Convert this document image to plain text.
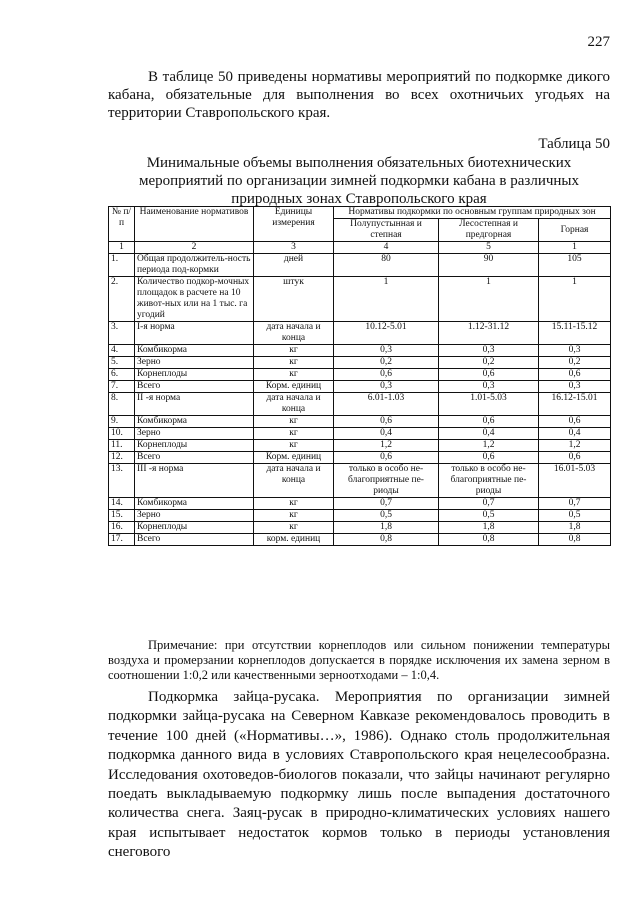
227
В таблице 50 приведены нормативы мероприятий по подкормке дикого кабана, обязательные для выполнения во всех охотничьих угодьях на территории Ставропольского края.
Таблица 50
Минимальные объемы выполнения обязательных биотехнических мероприятий по организации зимней подкормки кабана в различных природных зонах Ставропольского края
№ п/п	Наименование нормативов	Единицы измерения	Нормативы подкормки по основным группам природных зон		
			Полупустынная и степная	Лесостепная и предгорная	Горная
1	2	3	4	5	1
1.	Общая продолжитель-ность периода под-кормки	дней	80	90	105
2.	Количество подкор-мочных площадок в расчете на 10 живот-ных или на 1 тыс. га угодий	штук	1	1	1
3.	I-я норма	дата начала и конца	10.12-5.01	1.12-31.12	15.11-15.12
4.	Комбикорма	кг	0,3	0,3	0,3
5.	Зерно	кг	0,2	0,2	0,2
6.	Корнеплоды	кг	0,6	0,6	0,6
7.	Всего	Корм. единиц	0,3	0,3	0,3
8.	II -я норма	дата начала и конца	6.01-1.03	1.01-5.03	16.12-15.01
9.	Комбикорма	кг	0,6	0,6	0,6
10.	Зерно	кг	0,4	0,4	0,4
11.	Корнеплоды	кг	1,2	1,2	1,2
12.	Всего	Корм. единиц	0,6	0,6	0,6
13.	III -я норма	дата начала и конца	только в особо не-благоприятные пе-риоды	только в особо не-благоприятные пе-риоды	16.01-5.03
14.	Комбикорма	кг	0,7	0,7	0,7
15.	Зерно	кг	0,5	0,5	0,5
16.	Корнеплоды	кг	1,8	1,8	1,8
17.	Всего	корм. единиц	0,8	0,8	0,8
Примечание: при отсутствии корнеплодов или сильном понижении температуры воздуха и промерзании корнеплодов допускается в порядке исключения их замена зерном в соотношении 1:0,2 или качественными зерноотходами – 1:0,4.
Подкормка зайца-русака. Мероприятия по организации зимней подкормки зайца-русака на Северном Кавказе рекомендовалось проводить в течение 100 дней («Нормативы…», 1986). Однако столь продолжительная подкормка данного вида в условиях Ставропольского края нецелесообразна. Исследования охотоведов-биологов показали, что зайцы начинают регулярно поедать выкладываемую подкормку лишь после выпадения достаточного количества снега. Заяц-русак в природно-климатических условиях нашего края испытывает недостаток кормов только в периоды установления снегового
